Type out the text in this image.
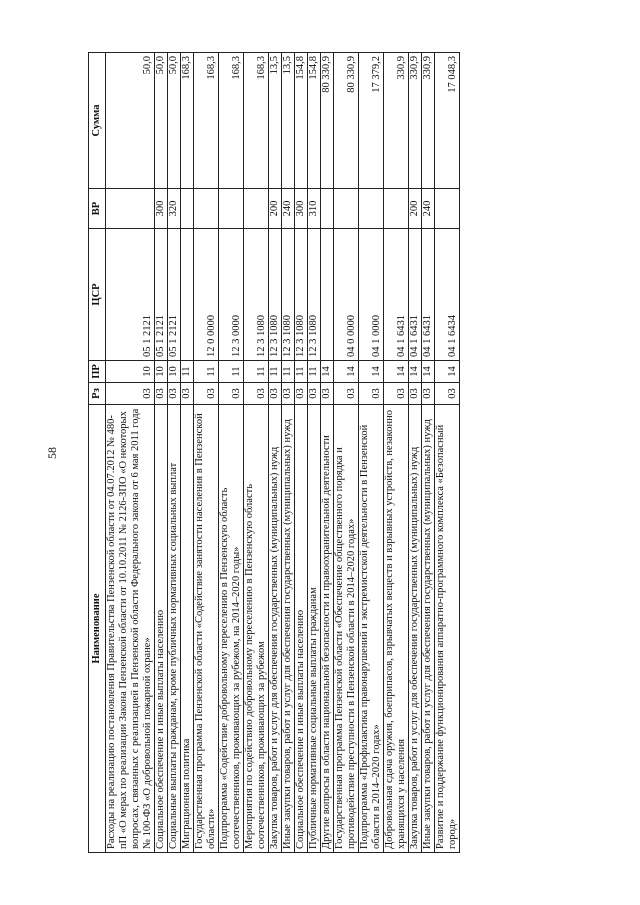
58
Наименование	Рз	ПР	ЦСР	ВР	Сумма
Расходы на реализацию постановления Правительства Пензенской области от 04.07.2012 № 480-пП «О мерах по реализации Закона Пензенской области от 10.10.2011 № 2126-ЗПО «О некоторых вопросах, связанных с реализацией в Пензенской области Федерального закона от 6 мая 2011 года № 100-ФЗ «О добровольной пожарной охране»	03	10	05 1 2121		50,0
Социальное обеспечение и иные выплаты населению	03	10	05 1 2121	300	50,0
Социальные выплаты гражданам, кроме публичных нормативных социальных выплат	03	10	05 1 2121	320	50,0
Миграционная политика	03	11			168,3
Государственная программа Пензенской области «Содействие занятости населения в Пензенской области»	03	11	12 0 0000		168,3
Подпрограмма «Содействие добровольному переселению в Пензенскую область соотечественников, проживающих за рубежом, на 2014–2020 годы»	03	11	12 3 0000		168,3
Мероприятия по содействию добровольному переселению в Пензенскую область соотечественников, проживающих за рубежом	03	11	12 3 1080		168,3
Закупка товаров, работ и услуг для обеспечения государственных (муниципальных) нужд	03	11	12 3 1080	200	13,5
Иные закупки товаров, работ и услуг для обеспечения государственных (муниципальных) нужд	03	11	12 3 1080	240	13,5
Социальное обеспечение и иные выплаты населению	03	11	12 3 1080	300	154,8
Публичные нормативные социальные выплаты гражданам	03	11	12 3 1080	310	154,8
Другие вопросы в области национальной безопасности и правоохранительной деятельности	03	14			80 330,9
Государственная программа Пензенской области «Обеспечение общественного порядка и противодействие преступности в Пензенской области в 2014–2020 годах»	03	14	04 0 0000		80 330,9
Подпрограмма «Профилактика правонарушений и экстремистской деятельности в Пензенской области в 2014–2020 годах»	03	14	04 1 0000		17 379,2
Добровольная сдача оружия, боеприпасов, взрывчатых веществ и взрывных устройств, незаконно хранящихся у населения	03	14	04 1 6431		330,9
Закупка товаров, работ и услуг для обеспечения государственных (муниципальных) нужд	03	14	04 1 6431	200	330,9
Иные закупки товаров, работ и услуг для обеспечения государственных (муниципальных) нужд	03	14	04 1 6431	240	330,9
Развитие и поддержание функционирования аппаратно-программного комплекса «Безопасный город»	03	14	04 1 6434		17 048,3
